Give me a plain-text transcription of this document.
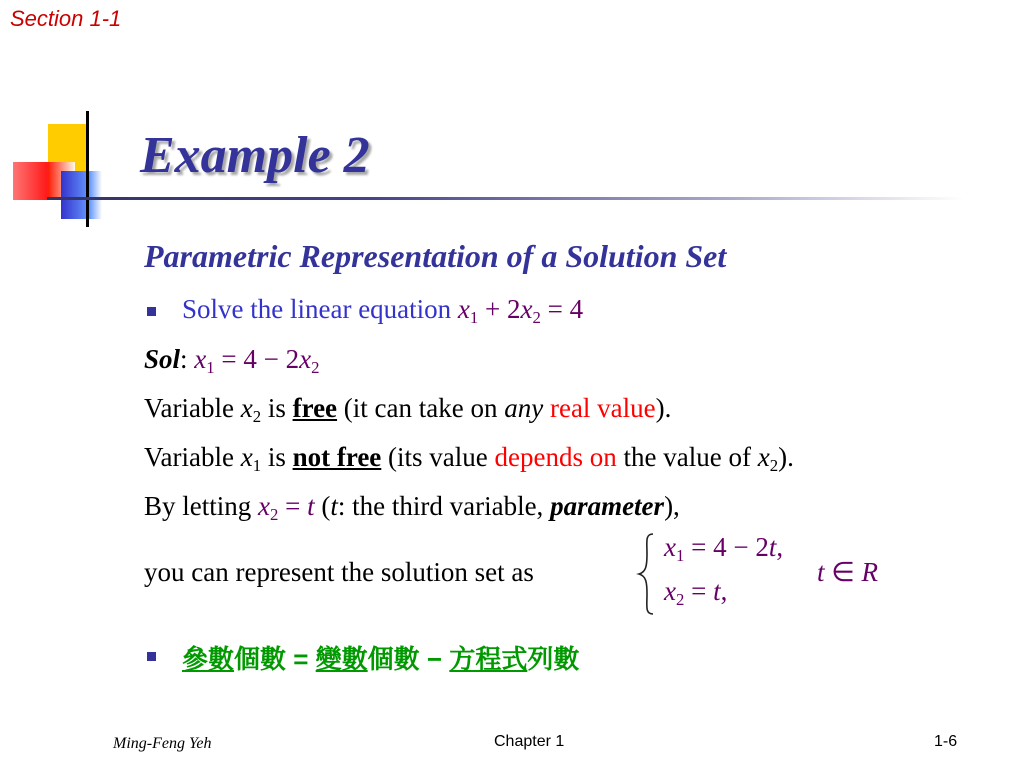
Section 1-1
Example 2
Parametric Representation of a Solution Set
Solve the linear equation $x_1 + 2x_2 = 4$
Sol: $x_1 = 4 - 2x_2$
Variable $x_2$ is free (it can take on any real value).
Variable $x_1$ is not free (its value depends on the value of $x_2$).
By letting $x_2 = t$ (t: the third variable, parameter),
you can represent the solution set as
$x_1 = 4 - 2t$,
$x_2 = t$,
t ∈ R
參數個數 = 變數個數 − 方程式列數
Ming-Feng Yeh	Chapter 1	1-6
